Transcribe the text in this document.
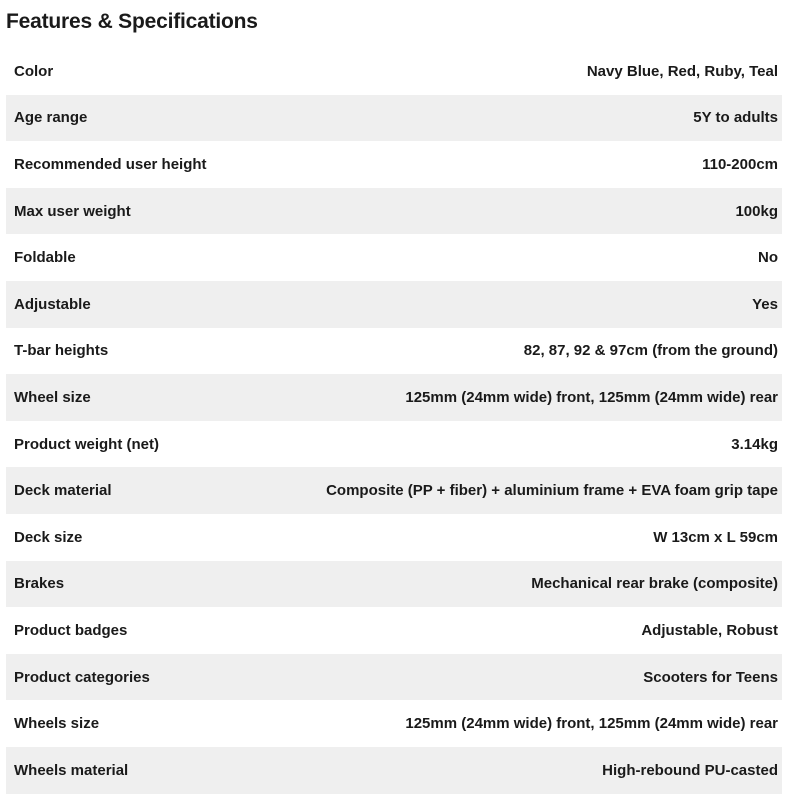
Features & Specifications
Color	Navy Blue, Red, Ruby, Teal
Age range	5Y to adults
Recommended user height	110-200cm
Max user weight	100kg
Foldable	No
Adjustable	Yes
T-bar heights	82, 87, 92 & 97cm (from the ground)
Wheel size	125mm (24mm wide) front, 125mm (24mm wide) rear
Product weight (net)	3.14kg
Deck material	Composite (PP + fiber) + aluminium frame + EVA foam grip tape
Deck size	W 13cm x L 59cm
Brakes	Mechanical rear brake (composite)
Product badges	Adjustable, Robust
Product categories	Scooters for Teens
Wheels size	125mm (24mm wide) front, 125mm (24mm wide) rear
Wheels material	High-rebound PU-casted
